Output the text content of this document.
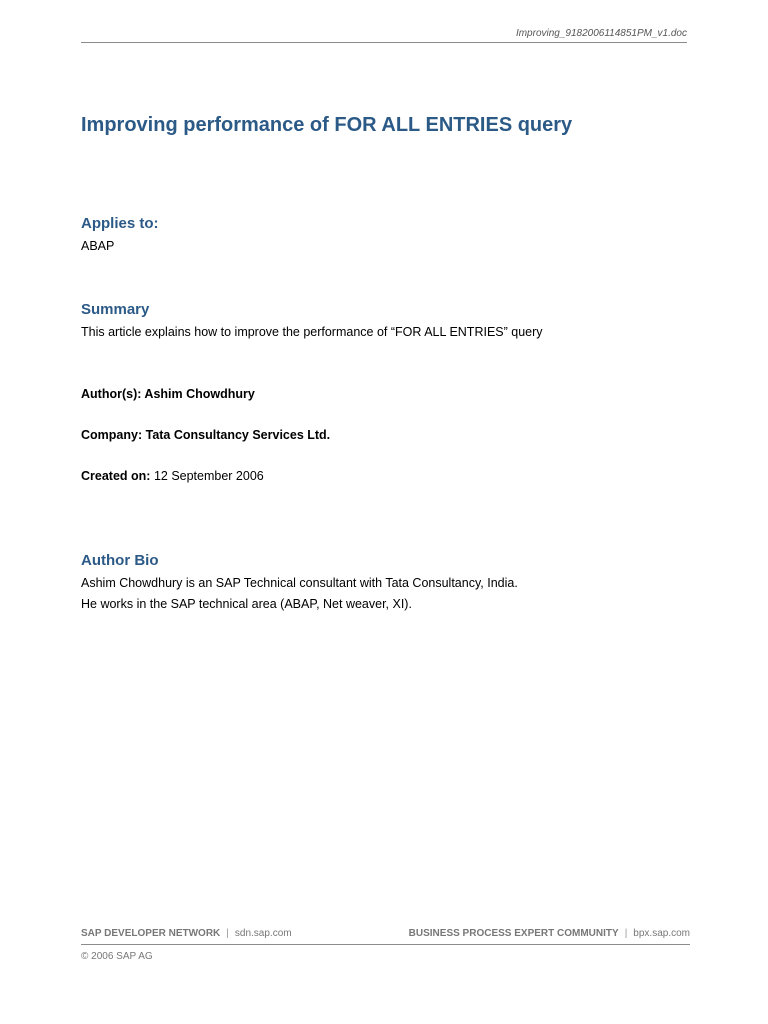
Improving_9182006114851PM_v1.doc
Improving performance of FOR ALL ENTRIES query
Applies to:

ABAP

Summary

This article explains how to improve the performance of “FOR ALL ENTRIES” query

Author(s): Ashim Chowdhury

Company: Tata Consultancy Services Ltd.

Created on: 12 September 2006

Author Bio

Ashim Chowdhury is an SAP Technical consultant with Tata Consultancy, India.

He works in the SAP technical area (ABAP, Net weaver, XI).

SAP DEVELOPER NETWORK | sdn.sap.com	BUSINESS PROCESS EXPERT COMMUNITY | bpx.sap.com
© 2006 SAP AG
